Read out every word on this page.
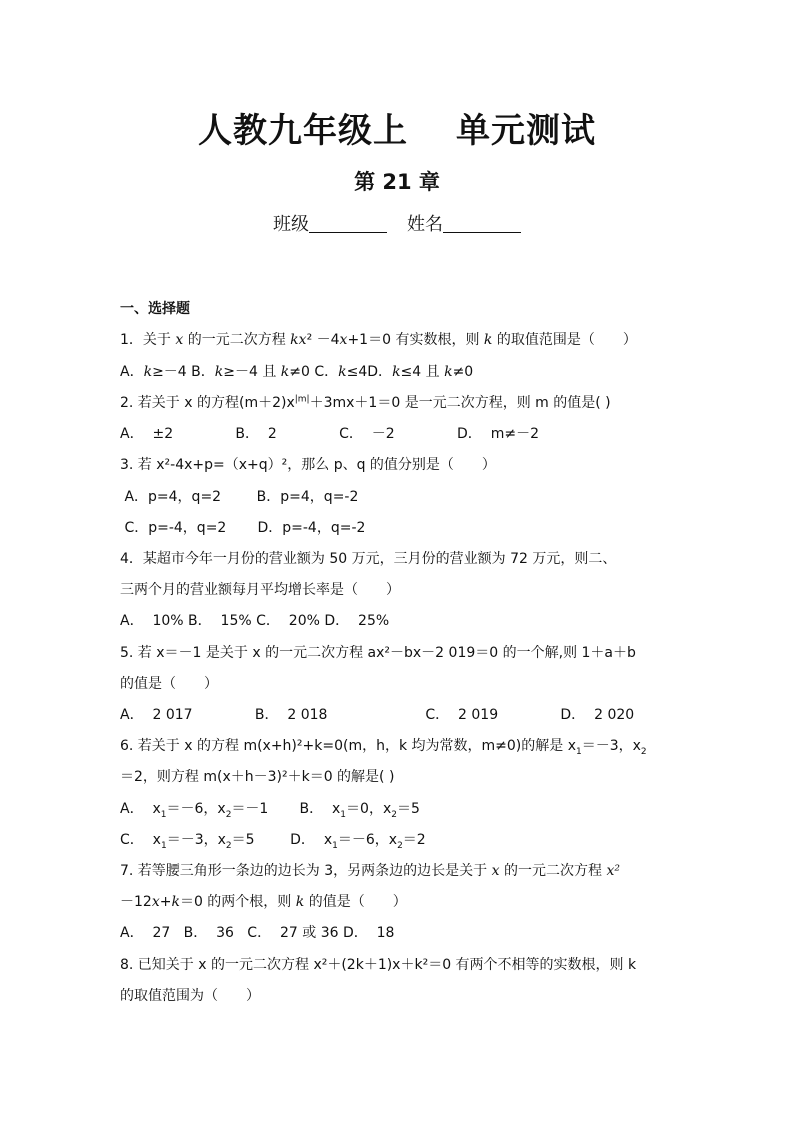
人教九年级上 单元测试
第 21 章
班级	姓名
一、选择题
1．关于 x 的一元二次方程 kx² －4x+1＝0 有实数根，则 k 的取值范围是（　　）
A．k≥－4 B．k≥－4 且 k≠0 C．k≤4D．k≤4 且 k≠0
2. 若关于 x 的方程$(m+2)x^{|m|}+3mx+1=0$ 是一元二次方程，则 m 的值是( )
A．  ±2              B．  2              C．  －2              D．  m≠－2
3. 若 x²-4x+p=（x+q）²，那么 p、q 的值分别是（　　）
A．p=4，q=2        B．p=4，q=-2
C．p=-4，q=2       D．p=-4，q=-2
4．某超市今年一月份的营业额为 50 万元，三月份的营业额为 72 万元，则二、
三两个月的营业额每月平均增长率是（　　）
A．  10% B．  15% C．  20% D．  25%
5. 若 x＝－1 是关于 x 的一元二次方程 ax²－bx－2 019＝0 的一个解,则 1＋a＋b
的值是（　　）
A．  2 017              B．  2 018                      C．  2 019              D．  2 020
6. 若关于 x 的方程 m(x+h)²+k=0(m，h，k 均为常数，m≠0)的解是 $x_1=-3$，$x_2$
＝2，则方程 m(x＋h－3)²＋k＝0 的解是( )
A．  $x_1=-6$，$x_2=-1$       B．  $x_1=0$，$x_2=5$
C．  $x_1=-3$，$x_2=5$        D．  $x_1=-6$，$x_2=2$
7. 若等腰三角形一条边的边长为 3，另两条边的边长是关于 x 的一元二次方程 x²
－12x+k＝0 的两个根，则 k 的值是（　　）
A．  27   B．  36   C．  27 或 36 D．  18
8. 已知关于 x 的一元二次方程 x²＋(2k＋1)x＋k²＝0 有两个不相等的实数根，则 k
的取值范围为（　　）
